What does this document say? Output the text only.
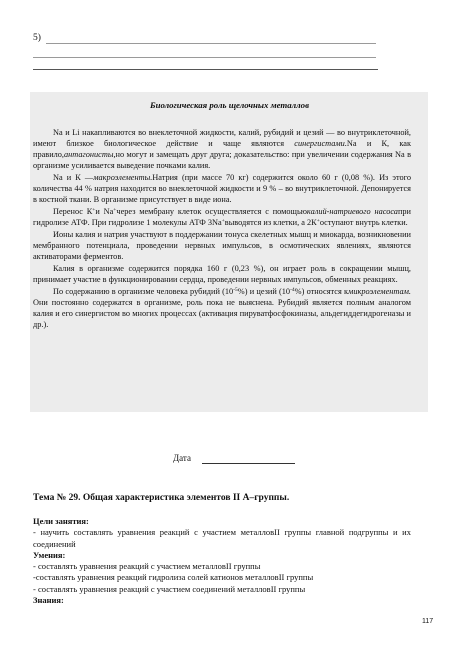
5)
Биологическая роль щелочных металлов

Na и Li накапливаются во внеклеточной жидкости, калий, рубидий и цезий — во внутриклеточной, имеют близкое биологическое действие и чаще являются синергистами.Na и К, как правило,антагонисты,но могут и замещать друг друга; доказательство: при увеличении содержания Na в организме усиливается выведение почками калия.

Na и К —макроэлементы.Натрия (при массе 70 кг) содержится около 60 г (0,08 %). Из этого количества 44 % натрия находится во внеклеточной жидкости и 9 % – во внутриклеточной. Депонируется в костной ткани. В организме присутствует в виде иона.

Перенос К+и Na+через мембрану клеток осуществляется с помощьюкалий-натриевого насосапри гидролизе АТФ. При гидролизе 1 молекулы АТФ 3Na+выводятся из клетки, а 2К+оступают внутрь клетки.

Ионы калия и натрия участвуют в поддержании тонуса скелетных мышц и миокарда, возникновении мембранного потенциала, проведении нервных импульсов, в осмотических явлениях, являются активаторами ферментов.

Калия в организме содержится порядка 160 г (0,23 %), он играет роль в сокращении мышц, принимает участие в функционировании сердца, проведении нервных импульсов, обменных реакциях.

По содержанию в организме человека рубидий $(10^{-5}\%)$ и цезий $(10^{-4}\%)$ относятся кмикроэлементам. Они постоянно содержатся в организме, роль пока не выяснена. Рубидий является полным аналогом калия и его синергистом во многих процессах (активация пируватфосфокиназы, альдегиддегидрогеназы и др.).

Дата
Тема № 29. Общая характеристика элементов II А–группы.
Цели занятия:
- научить составлять уравнения реакций с участием металловII группы главной подгруппы и их соединений
Умения:
- составлять уравнения реакций с участием металловII группы
-составлять уравнения реакций гидролиза солей катионов металловII группы
- составлять уравнения реакций с участием соединений металловII группы
Знания:
117
